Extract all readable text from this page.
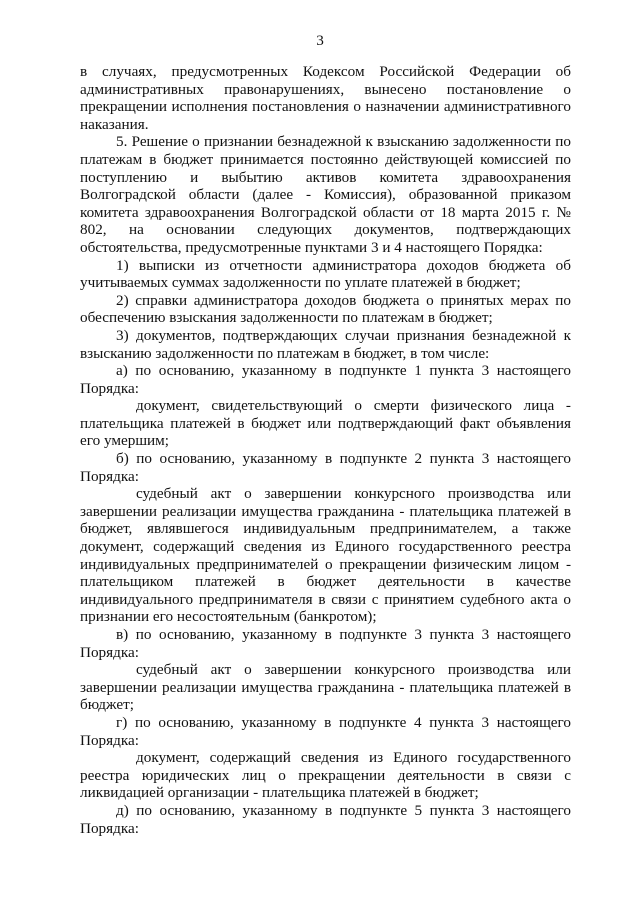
3

в случаях, предусмотренных Кодексом Российской Федерации об административных правонарушениях, вынесено постановление о прекращении исполнения постановления о назначении административного наказания.

5. Решение о признании безнадежной к взысканию задолженности по платежам в бюджет принимается постоянно действующей комиссией по поступлению и выбытию активов комитета здравоохранения Волгоградской области (далее - Комиссия), образованной приказом комитета здравоохранения Волгоградской области от 18 марта 2015 г. № 802, на основании следующих документов, подтверждающих обстоятельства, предусмотренные пунктами 3 и 4 настоящего Порядка:

1) выписки из отчетности администратора доходов бюджета об учитываемых суммах задолженности по уплате платежей в бюджет;

2) справки администратора доходов бюджета о принятых мерах по обеспечению взыскания задолженности по платежам в бюджет;

3) документов, подтверждающих случаи признания безнадежной к взысканию задолженности по платежам в бюджет, в том числе:

а) по основанию, указанному в подпункте 1 пункта 3 настоящего Порядка:

документ, свидетельствующий о смерти физического лица - плательщика платежей в бюджет или подтверждающий факт объявления его умершим;

б) по основанию, указанному в подпункте 2 пункта 3 настоящего Порядка:

судебный акт о завершении конкурсного производства или завершении реализации имущества гражданина - плательщика платежей в бюджет, являвшегося индивидуальным предпринимателем, а также документ, содержащий сведения из Единого государственного реестра индивидуальных предпринимателей о прекращении физическим лицом - плательщиком платежей в бюджет деятельности в качестве индивидуального предпринимателя в связи с принятием судебного акта о признании его несостоятельным (банкротом);

в) по основанию, указанному в подпункте 3 пункта 3 настоящего Порядка:

судебный акт о завершении конкурсного производства или завершении реализации имущества гражданина - плательщика платежей в бюджет;

г) по основанию, указанному в подпункте 4 пункта 3 настоящего Порядка:

документ, содержащий сведения из Единого государственного реестра юридических лиц о прекращении деятельности в связи с ликвидацией организации - плательщика платежей в бюджет;

д) по основанию, указанному в подпункте 5 пункта 3 настоящего Порядка:
